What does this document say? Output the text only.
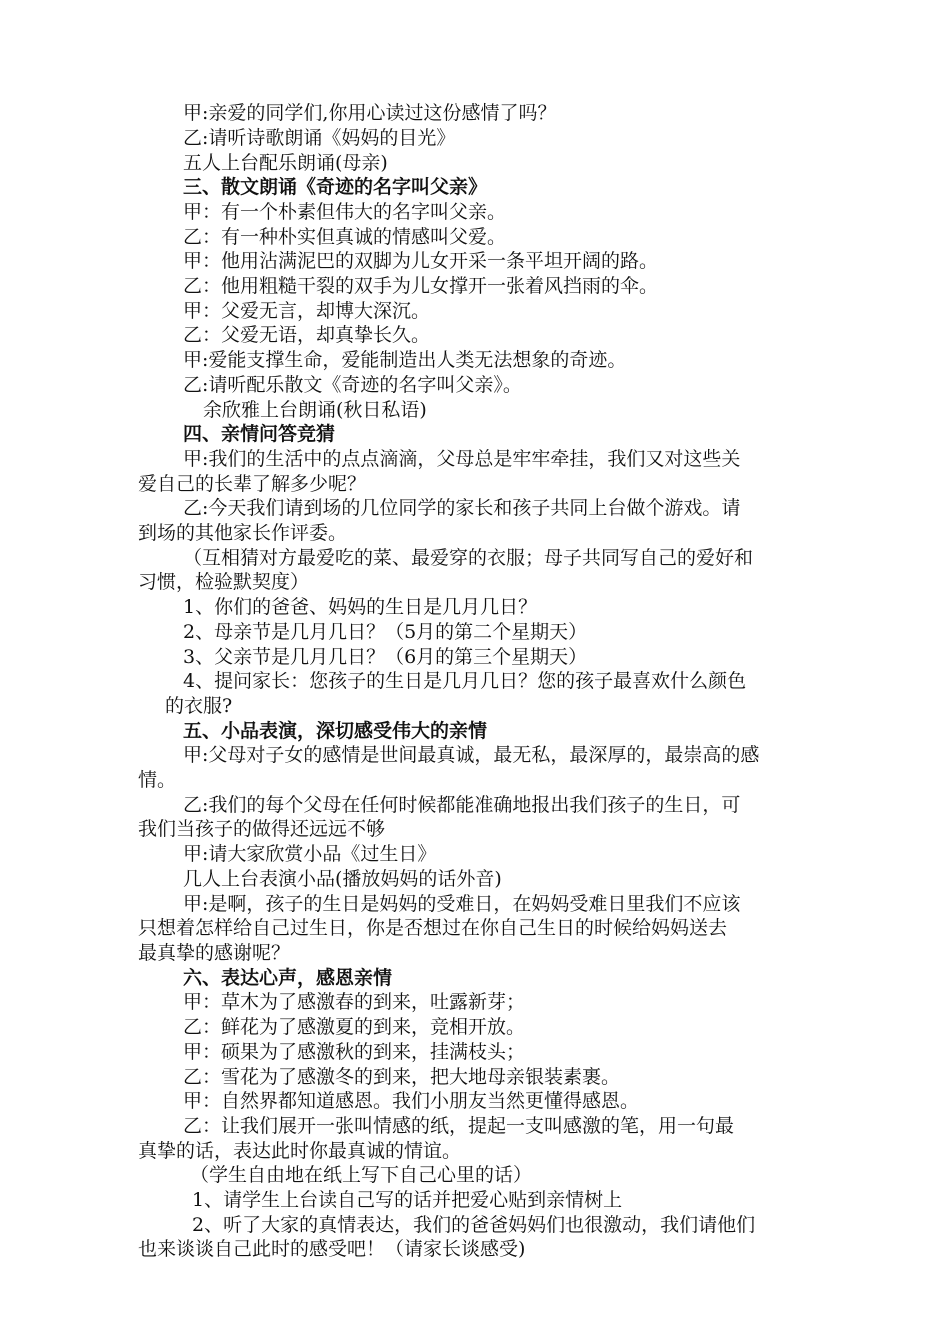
甲:亲爱的同学们,你用心读过这份感情了吗？
乙:请听诗歌朗诵《妈妈的目光》
五人上台配乐朗诵(母亲)
三、散文朗诵《奇迹的名字叫父亲》
甲：有一个朴素但伟大的名字叫父亲。
乙：有一种朴实但真诚的情感叫父爱。
甲：他用沾满泥巴的双脚为儿女开采一条平坦开阔的路。
乙：他用粗糙干裂的双手为儿女撑开一张着风挡雨的伞。
甲：父爱无言，却博大深沉。
乙：父爱无语，却真挚长久。
甲:爱能支撑生命，爱能制造出人类无法想象的奇迹。
乙:请听配乐散文《奇迹的名字叫父亲》。
余欣雅上台朗诵(秋日私语)
四、亲情问答竞猜
甲:我们的生活中的点点滴滴，父母总是牢牢牵挂，我们又对这些关
爱自己的长辈了解多少呢？
乙:今天我们请到场的几位同学的家长和孩子共同上台做个游戏。请
到场的其他家长作评委。
（互相猜对方最爱吃的菜、最爱穿的衣服；母子共同写自己的爱好和
习惯，检验默契度）
1、你们的爸爸、妈妈的生日是几月几日？
2、母亲节是几月几日？（5月的第二个星期天）
3、父亲节是几月几日？（6月的第三个星期天）
4、提问家长：您孩子的生日是几月几日？您的孩子最喜欢什么颜色
的衣服?
五、小品表演，深切感受伟大的亲情
甲:父母对子女的感情是世间最真诚，最无私，最深厚的，最崇高的感
情。
乙:我们的每个父母在任何时候都能准确地报出我们孩子的生日，可
我们当孩子的做得还远远不够
甲:请大家欣赏小品《过生日》
几人上台表演小品(播放妈妈的话外音)
甲:是啊，孩子的生日是妈妈的受难日，在妈妈受难日里我们不应该
只想着怎样给自己过生日，你是否想过在你自己生日的时候给妈妈送去
最真挚的感谢呢？
六、表达心声，感恩亲情
甲：草木为了感激春的到来，吐露新芽；
乙：鲜花为了感激夏的到来，竞相开放。
甲：硕果为了感激秋的到来，挂满枝头；
乙：雪花为了感激冬的到来，把大地母亲银装素裹。
甲：自然界都知道感恩。我们小朋友当然更懂得感恩。
乙：让我们展开一张叫情感的纸，提起一支叫感激的笔，用一句最
真挚的话，表达此时你最真诚的情谊。
（学生自由地在纸上写下自己心里的话）
1、请学生上台读自己写的话并把爱心贴到亲情树上
2、听了大家的真情表达，我们的爸爸妈妈们也很激动，我们请他们
也来谈谈自己此时的感受吧！（请家长谈感受)
